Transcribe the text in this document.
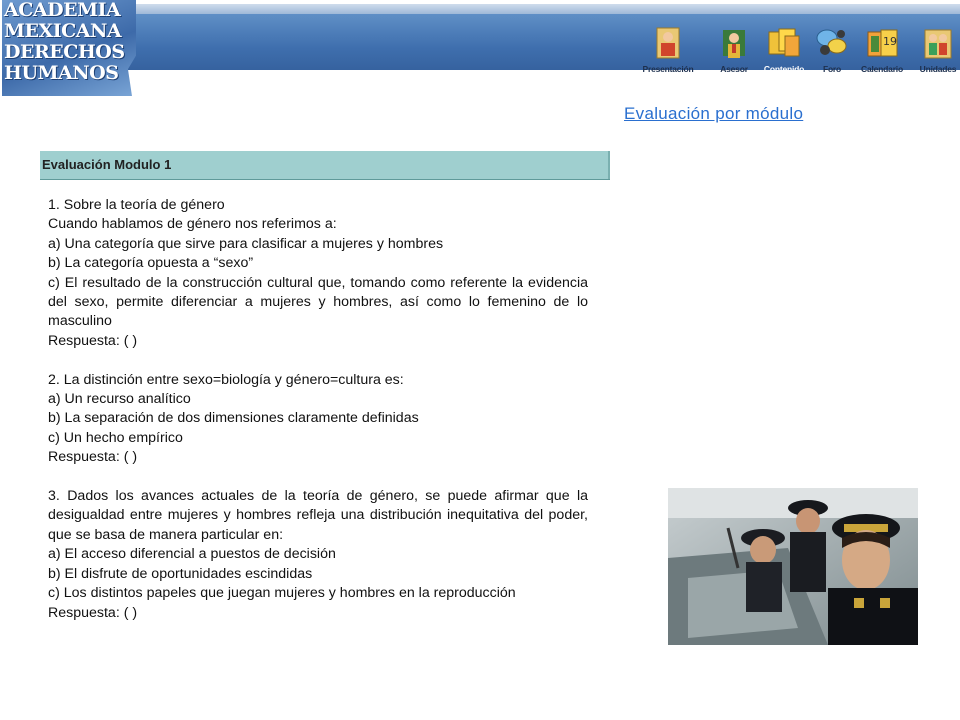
ACADEMIA
MEXICANA
DERECHOS
HUMANOS	Presentación	Asesor	Contenido	Foro
19
Calendario	Unidades
Evaluación por módulo
Evaluación Modulo 1

1. Sobre la teoría de género

Cuando hablamos de género nos referimos a:

a) Una categoría que sirve para clasificar a mujeres y hombres

b) La categoría opuesta a “sexo”

c) El resultado de la construcción cultural que, tomando como referente la evidencia del sexo, permite diferenciar a mujeres y hombres, así como lo femenino de lo masculino

Respuesta: ( )

2. La distinción entre sexo=biología y género=cultura es:

a) Un recurso analítico

b) La separación de dos dimensiones claramente definidas

c) Un hecho empírico

Respuesta: ( )

3. Dados los avances actuales de la teoría de género, se puede afirmar que la desigualdad entre mujeres y hombres refleja una distribución inequitativa del poder, que se basa de manera particular en:

a) El acceso diferencial a puestos de decisión

b) El disfrute de oportunidades escindidas

c) Los distintos papeles que juegan mujeres y hombres en la reproducción

Respuesta: ( )
